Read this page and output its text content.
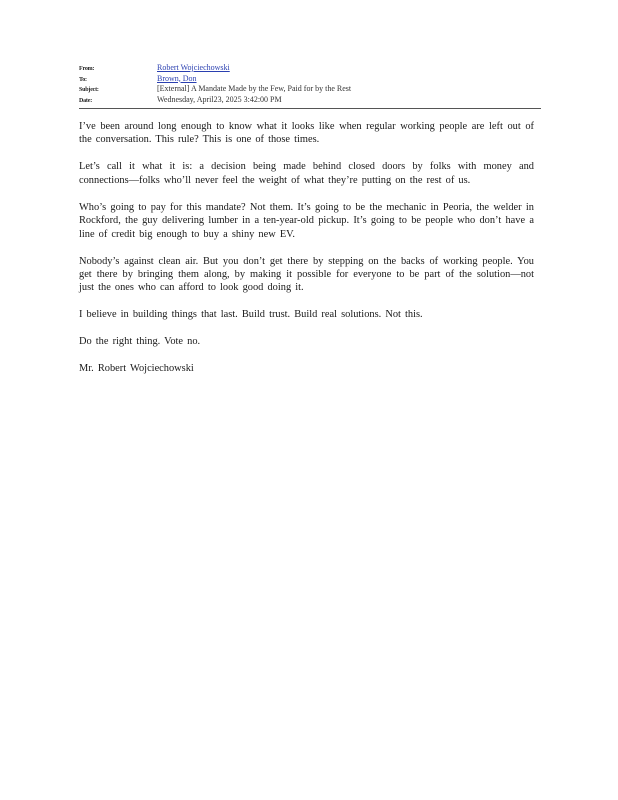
From:	Robert Wojciechowski
To:	Brown, Don
Subject:	[External] A Mandate Made by the Few, Paid for by the Rest
Date:	Wednesday, April23, 2025 3:42:00 PM

I’ve been around long enough to know what it looks like when regular working people are left out of the conversation. This rule? This is one of those times.

Let’s call it what it is: a decision being made behind closed doors by folks with money and connections—folks who’ll never feel the weight of what they’re putting on the rest of us.

Who’s going to pay for this mandate? Not them. It’s going to be the mechanic in Peoria, the welder in Rockford, the guy delivering lumber in a ten-year-old pickup. It’s going to be people who don’t have a line of credit big enough to buy a shiny new EV.

Nobody’s against clean air. But you don’t get there by stepping on the backs of working people. You get there by bringing them along, by making it possible for everyone to be part of the solution—not just the ones who can afford to look good doing it.

I believe in building things that last. Build trust. Build real solutions. Not this.

Do the right thing. Vote no.

Mr. Robert Wojciechowski
